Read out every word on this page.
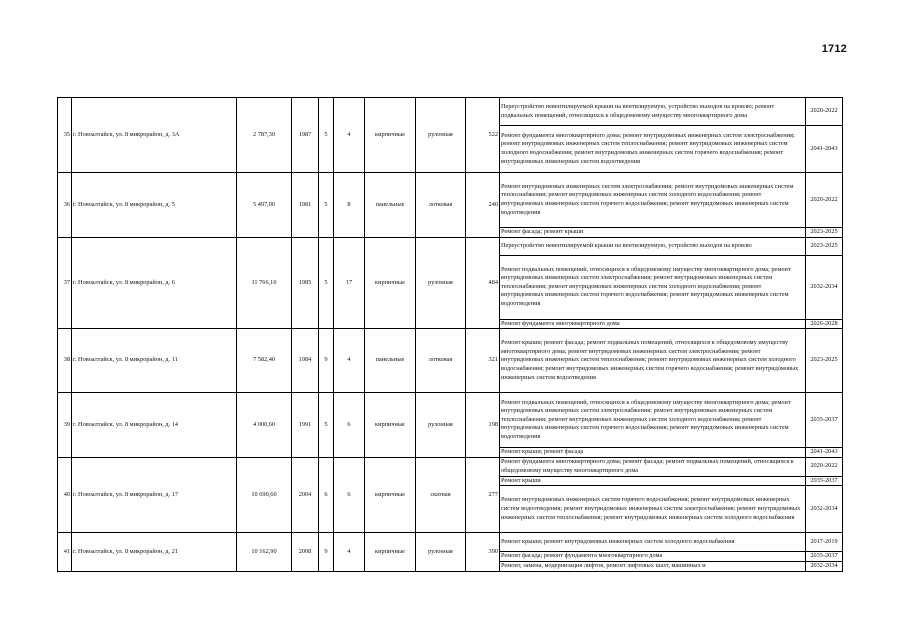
1712
35	г. Новоалтайск, ул. 8 микрорайон, д. 3А	2 787,30	1987	5	4	кирпичные	рулонная	522	Переустройство невентилируемой крыши на вентилируемую, устройство выходов на кровлю; ремонт подвальных помещений, относящихся к общедомовому имуществу многоквартирного дома	2020-2022
									Ремонт фундамента многоквартирного дома; ремонт внутридомовых инженерных систем электроснабжения; ремонт внутридомовых инженерных систем теплоснабжения; ремонт внутридомовых инженерных систем холодного водоснабжения; ремонт внутридомовых инженерных систем горячего водоснабжения; ремонт внутридомовых инженерных систем водоотведения	2041-2043
36	г. Новоалтайск, ул. 8 микрорайон, д. 5	5 497,00	1981	5	8	панельные	лотковая	240	Ремонт внутридомовых инженерных систем электроснабжения; ремонт внутридомовых инженерных систем теплоснабжения; ремонт внутридомовых инженерных систем холодного водоснабжения; ремонт внутридомовых инженерных систем горячего водоснабжения; ремонт внутридомовых инженерных систем водоотведения	2020-2022
									Ремонт фасада; ремонт крыши	2023-2025
37	г. Новоалтайск, ул. 8 микрорайон, д. 6	11 766,10	1985	5	17	кирпичные	рулонная	484	Переустройство невентилируемой крыши на вентилируемую, устройство выходов на кровлю	2023-2025
									Ремонт подвальных помещений, относящихся к общедомовому имуществу многоквартирного дома; ремонт внутридомовых инженерных систем электроснабжения; ремонт внутридомовых инженерных систем теплоснабжения; ремонт внутридомовых инженерных систем холодного водоснабжения; ремонт внутридомовых инженерных систем горячего водоснабжения; ремонт внутридомовых инженерных систем водоотведения	2032-2034
									Ремонт фундамента многоквартирного дома	2026-2028
38	г. Новоалтайск, ул. 8 микрорайон, д. 11	7 582,40	1984	9	4	панельные	лотковая	321	Ремонт крыши; ремонт фасада; ремонт подвальных помещений, относящихся к общедомовому имуществу многоквартирного дома; ремонт внутридомовых инженерных систем электроснабжения; ремонт внутридомовых инженерных систем теплоснабжения; ремонт внутридомовых инженерных систем холодного водоснабжения; ремонт внутридомовых инженерных систем горячего водоснабжения; ремонт внутридомовых инженерных систем водоотведения	2023-2025
39	г. Новоалтайск, ул. 8 микрорайон, д. 14	4 000,60	1991	5	6	кирпичные	рулонная	198	Ремонт подвальных помещений, относящихся к общедомовому имуществу многоквартирного дома; ремонт внутридомовых инженерных систем электроснабжения; ремонт внутридомовых инженерных систем теплоснабжения; ремонт внутридомовых инженерных систем холодного водоснабжения; ремонт внутридомовых инженерных систем горячего водоснабжения; ремонт внутридомовых инженерных систем водоотведения	2035-2037
									Ремонт крыши; ремонт фасада	2041-2043
40	г. Новоалтайск, ул. 8 микрорайон, д. 17	10 690,60	2004	6	6	кирпичные	скатная	277	Ремонт фундамента многоквартирного дома; ремонт фасада; ремонт подвальных помещений, относящихся к общедомовому имуществу многоквартирного дома	2020-2022
									Ремонт крыши	2035-2037
									Ремонт внутридомовых инженерных систем горячего водоснабжения; ремонт внутридомовых инженерных систем водоотведения; ремонт внутридомовых инженерных систем электроснабжения; ремонт внутридомовых инженерных систем теплоснабжения; ремонт внутридомовых инженерных систем холодного водоснабжения	2032-2034
41	г. Новоалтайск, ул. 8 микрорайон, д. 21	10 162,90	2008	9	4	кирпичные	рулонная	390	Ремонт крыши; ремонт внутридомовых инженерных систем холодного водоснабжения	2017-2019
									Ремонт фасада; ремонт фундамента многоквартирного дома	2035-2037
									Ремонт, замена, модернизация лифтов, ремонт лифтовых шахт, машинных и	2032-2034
